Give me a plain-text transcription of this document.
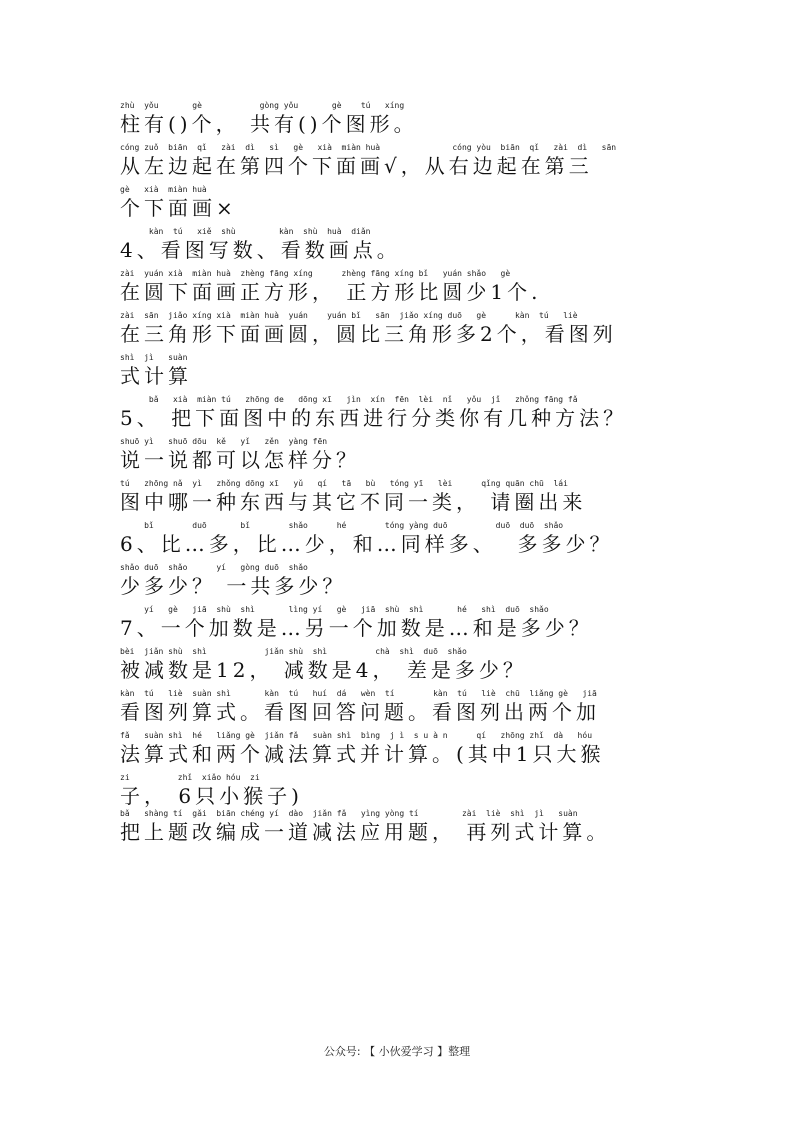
zhù  yǒu       gè            gòng yǒu       gè    tú   xíng
柱有()个， 共有()个图形。
cóng zuǒ  biān  qǐ   zài  dì   sì   gè   xià  miàn huà               cóng yòu  biān  qǐ   zài  dì   sān
从左边起在第四个下面画√，从右边起在第三
gè   xià  miàn huà
个下面画×
kàn  tú   xiě  shù         kàn  shù  huà  diǎn
4、看图写数、看数画点。
zài  yuán xià  miàn huà  zhèng fāng xíng      zhèng fāng xíng bǐ   yuán shǎo   gè
在圆下面画正方形， 正方形比圆少1个.
zài  sān  jiǎo xíng xià  miàn huà  yuán    yuán bǐ   sān  jiǎo xíng duō   gè      kàn  tú   liè
在三角形下面画圆，圆比三角形多2个，看图列
shì  jì   suàn
式计算
bǎ   xià  miàn tú   zhōng de   dōng xī   jìn  xín  fēn  lèi  nǐ   yǒu  jǐ   zhǒng fāng fǎ
5、 把下面图中的东西进行分类你有几种方法？
shuō yì   shuō dōu  kě   yǐ   zěn  yàng fēn
说一说都可以怎样分？
tú   zhōng nǎ  yì   zhǒng dōng xī   yǔ   qí   tā   bù   tóng yī   lèi      qǐng quān chū  lái
图中哪一种东西与其它不同一类， 请圈出来
bǐ        duō       bǐ        shǎo      hé        tóng yàng duō          duō  duō  shǎo
6、比…多，比…少，和…同样多、  多多少？
shǎo duō  shǎo      yí   gòng duō  shǎo
少多少？ 一共多少？
yí   gè   jiā  shù  shì       lìng yí   gè   jiā  shù  shì       hé   shì  duō  shǎo
7、一个加数是…另一个加数是…和是多少？
bèi  jiǎn shù  shì            jiǎn shù  shì          chà  shì  duō  shǎo
被减数是12， 减数是4， 差是多少？
kàn  tú   liè  suàn shì       kàn  tú   huí  dá   wèn  tí        kàn  tú   liè  chū  liǎng gè   jiā
看图列算式。看图回答问题。看图列出两个加
fǎ   suàn shì  hé   liǎng gè  jiǎn fǎ   suàn shì  bìng  j ì  s u à n      qí   zhōng zhǐ  dà   hóu
法算式和两个减法算式并计算。(其中1只大猴
zi          zhǐ  xiǎo hóu  zi
子， 6只小猴子)
bǎ   shàng tí  gǎi  biān chéng yí  dào  jiǎn fǎ   yìng yòng tí         zài  liè  shì  jì   suàn
把上题改编成一道减法应用题， 再列式计算。
公众号: 【 小伙爱学习 】整理
